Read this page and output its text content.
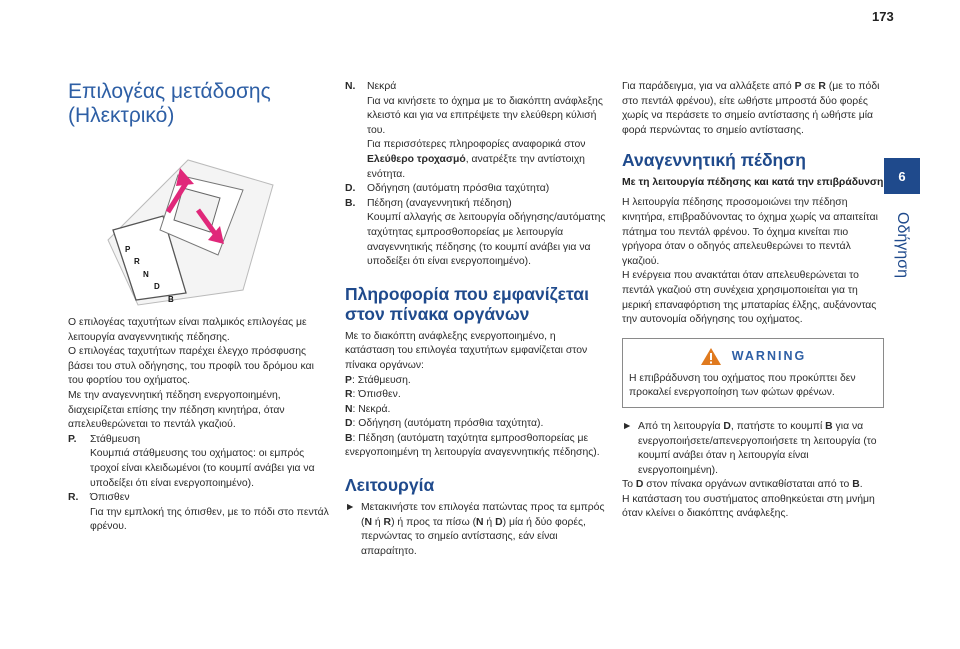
173
6
Οδήγηση
Επιλογέας μετάδοσης (Ηλεκτρικό)
P
R
N
D
B

Ο επιλογέας ταχυτήτων είναι παλμικός επιλογέας με λειτουργία αναγεννητικής πέδησης.

Ο επιλογέας ταχυτήτων παρέχει έλεγχο πρόσφυσης βάσει του στυλ οδήγησης, του προφίλ του δρόμου και του φορτίου του οχήματος.

Με την αναγεννητική πέδηση ενεργοποιημένη, διαχειρίζεται επίσης την πέδηση κινητήρα, όταν απελευθερώνεται το πεντάλ γκαζιού.

P.	Στάθμευση
Κουμπιά στάθμευσης του οχήματος: οι εμπρός τροχοί είναι κλειδωμένοι (το κουμπί ανάβει για να υποδείξει ότι είναι ενεργοποιημένο).
R.	Όπισθεν
Για την εμπλοκή της όπισθεν, με το πόδι στο πεντάλ φρένου.
N.	Νεκρά
Για να κινήσετε το όχημα με το διακόπτη ανάφλεξης κλειστό και για να επιτρέψετε την ελεύθερη κύλισή του.
Για περισσότερες πληροφορίες αναφορικά στον Ελεύθερο τροχασμό, ανατρέξτε την αντίστοιχη ενότητα.
D.	Οδήγηση (αυτόματη πρόσθια ταχύτητα)
B.	Πέδηση (αναγεννητική πέδηση)
Κουμπί αλλαγής σε λειτουργία οδήγησης/αυτόματης ταχύτητας εμπροσθοπορείας με λειτουργία αναγεννητικής πέδησης (το κουμπί ανάβει για να υποδείξει ότι είναι ενεργοποιημένο).
Πληροφορία που εμφανίζεται στον πίνακα οργάνων

Με το διακόπτη ανάφλεξης ενεργοποιημένο, η κατάσταση του επιλογέα ταχυτήτων εμφανίζεται στον πίνακα οργάνων:

P: Στάθμευση.

R: Όπισθεν.

N: Νεκρά.

D: Οδήγηση (αυτόματη πρόσθια ταχύτητα).

B: Πέδηση (αυτόματη ταχύτητα εμπροσθοπορείας με ενεργοποιημένη τη λειτουργία αναγεννητικής πέδησης).

Λειτουργία
► Μετακινήστε τον επιλογέα πατώντας προς τα εμπρός (N ή R) ή προς τα πίσω (N ή D) μία ή δύο φορές, περνώντας το σημείο αντίστασης, εάν είναι απαραίτητο.

Για παράδειγμα, για να αλλάξετε από P σε R (με το πόδι στο πεντάλ φρένου), είτε ωθήστε μπροστά δύο φορές χωρίς να περάσετε το σημείο αντίστασης ή ωθήστε μία φορά περνώντας το σημείο αντίστασης.

Αναγεννητική πέδηση
Με τη λειτουργία πέδησης και κατά την επιβράδυνση

Η λειτουργία πέδησης προσομοιώνει την πέδηση κινητήρα, επιβραδύνοντας το όχημα χωρίς να απαιτείται πάτημα του πεντάλ φρένου. Το όχημα κινείται πιο γρήγορα όταν ο οδηγός απελευθερώνει το πεντάλ γκαζιού.

Η ενέργεια που ανακτάται όταν απελευθερώνεται το πεντάλ γκαζιού στη συνέχεια χρησιμοποιείται για τη μερική επαναφόρτιση της μπαταρίας έλξης, αυξάνοντας την αυτονομία οδήγησης του οχήματος.

WARNING
Η επιβράδυνση του οχήματος που προκύπτει δεν προκαλεί ενεργοποίηση των φώτων φρένων.
► Από τη λειτουργία D, πατήστε το κουμπί B για να ενεργοποιήσετε/απενεργοποιήσετε τη λειτουργία (το κουμπί ανάβει όταν η λειτουργία είναι ενεργοποιημένη).

Το D στον πίνακα οργάνων αντικαθίσταται από το B.

Η κατάσταση του συστήματος αποθηκεύεται στη μνήμη όταν κλείνει ο διακόπτης ανάφλεξης.
